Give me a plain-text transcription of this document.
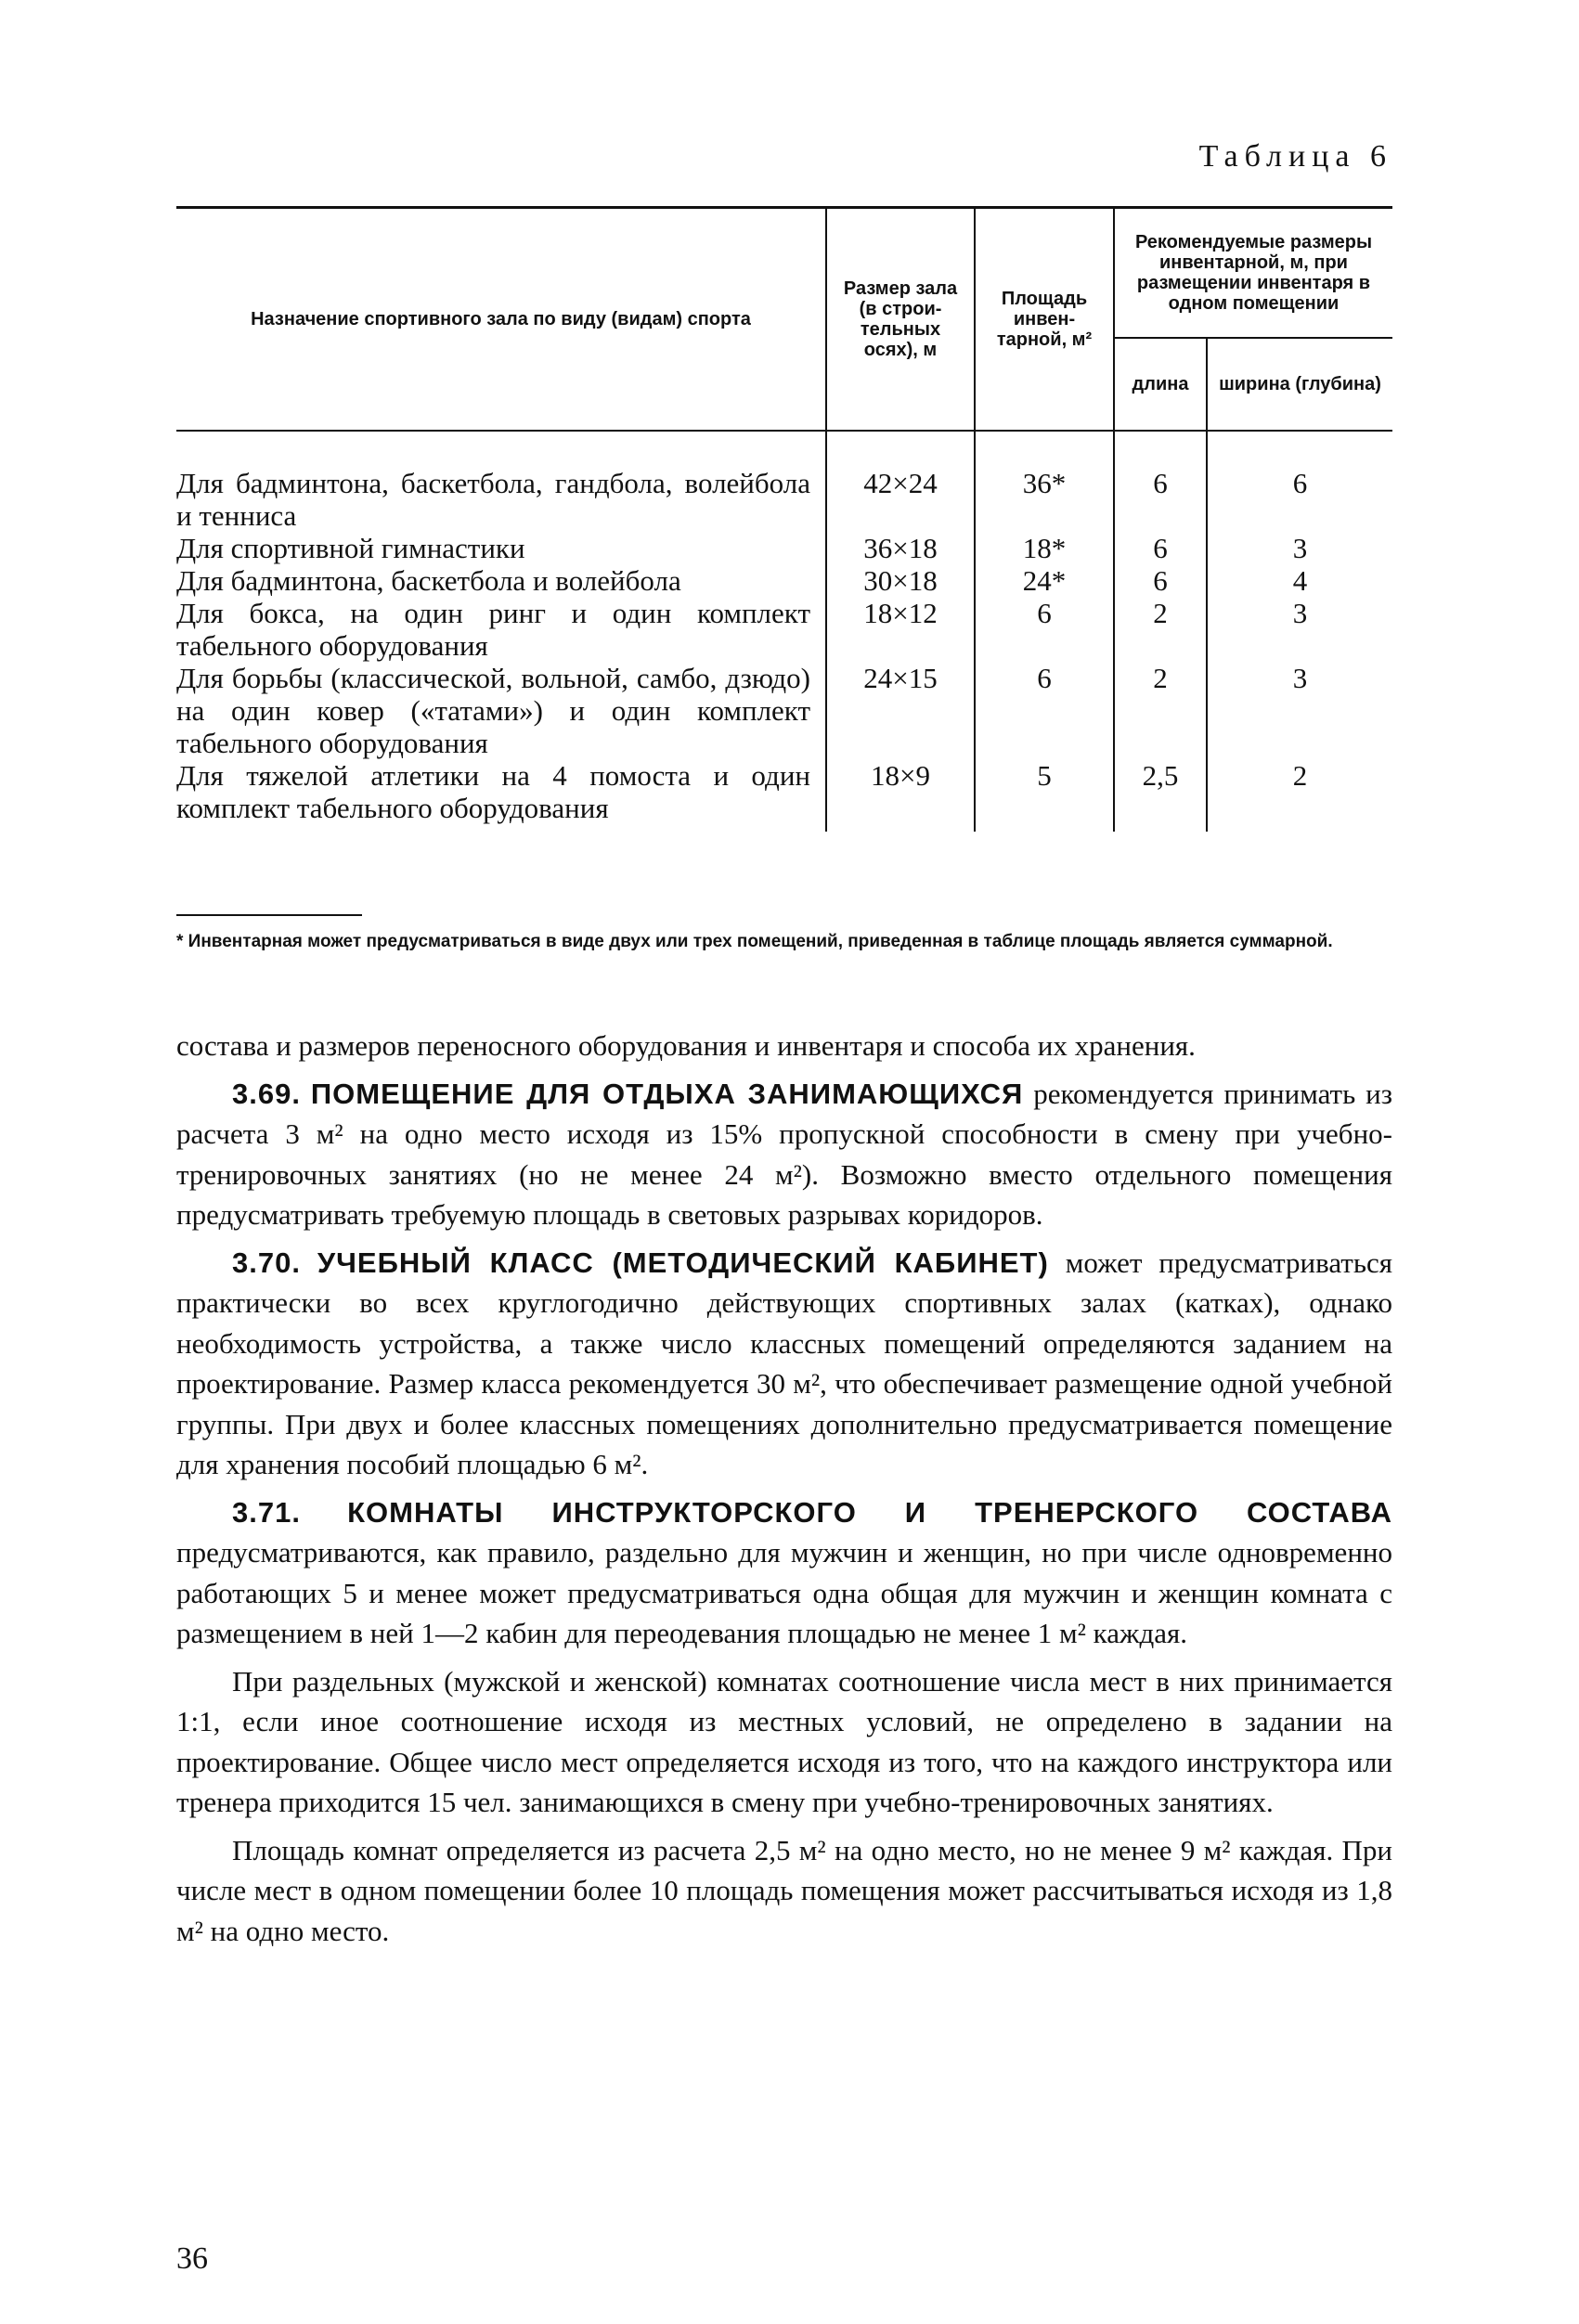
Таблица 6
Назначение спортивного зала по виду (видам) спорта	Размер зала (в строи-тельных осях), м	Площадь инвен-тарной, м²	Рекомендуемые размеры инвентарной, м, при размещении инвентаря в одном помещении	
			длина	ширина (глубина)
Для бадминтона, баскетбола, гандбола, волейбола и тенниса	42×24	36*	6	6
Для спортивной гимнастики	36×18	18*	6	3
Для бадминтона, баскетбола и волейбола	30×18	24*	6	4
Для бокса, на один ринг и один комплект табельного оборудования	18×12	6	2	3
Для борьбы (классической, вольной, самбо, дзюдо) на один ковер («татами») и один комплект табельного оборудования	24×15	6	2	3
Для тяжелой атлетики на 4 помоста и один комплект табельного оборудования	18×9	5	2,5	2
* Инвентарная может предусматриваться в виде двух или трех помещений, приведенная в таблице площадь является суммарной.

состава и размеров переносного оборудования и инвентаря и способа их хранения.

3.69. ПОМЕЩЕНИЕ ДЛЯ ОТДЫХА ЗАНИМАЮЩИХСЯ рекомендуется принимать из расчета 3 м² на одно место исходя из 15% пропускной способности в смену при учебно-тренировочных занятиях (но не менее 24 м²). Возможно вместо отдельного помещения предусматривать требуемую площадь в световых разрывах коридоров.

3.70. УЧЕБНЫЙ КЛАСС (МЕТОДИЧЕСКИЙ КАБИНЕТ) может предусматриваться практически во всех круглогодично действующих спортивных залах (катках), однако необходимость устройства, а также число классных помещений определяются заданием на проектирование. Размер класса рекомендуется 30 м², что обеспечивает размещение одной учебной группы. При двух и более классных помещениях дополнительно предусматривается помещение для хранения пособий площадью 6 м².

3.71. КОМНАТЫ ИНСТРУКТОРСКОГО И ТРЕНЕРСКОГО СОСТАВА предусматриваются, как правило, раздельно для мужчин и женщин, но при числе одновременно работающих 5 и менее может предусматриваться одна общая для мужчин и женщин комната с размещением в ней 1—2 кабин для переодевания площадью не менее 1 м² каждая.

При раздельных (мужской и женской) комнатах соотношение числа мест в них принимается 1:1, если иное соотношение исходя из местных условий, не определено в задании на проектирование. Общее число мест определяется исходя из того, что на каждого инструктора или тренера приходится 15 чел. занимающихся в смену при учебно-тренировочных занятиях.

Площадь комнат определяется из расчета 2,5 м² на одно место, но не менее 9 м² каждая. При числе мест в одном помещении более 10 площадь помещения может рассчитываться исходя из 1,8 м² на одно место.

36
